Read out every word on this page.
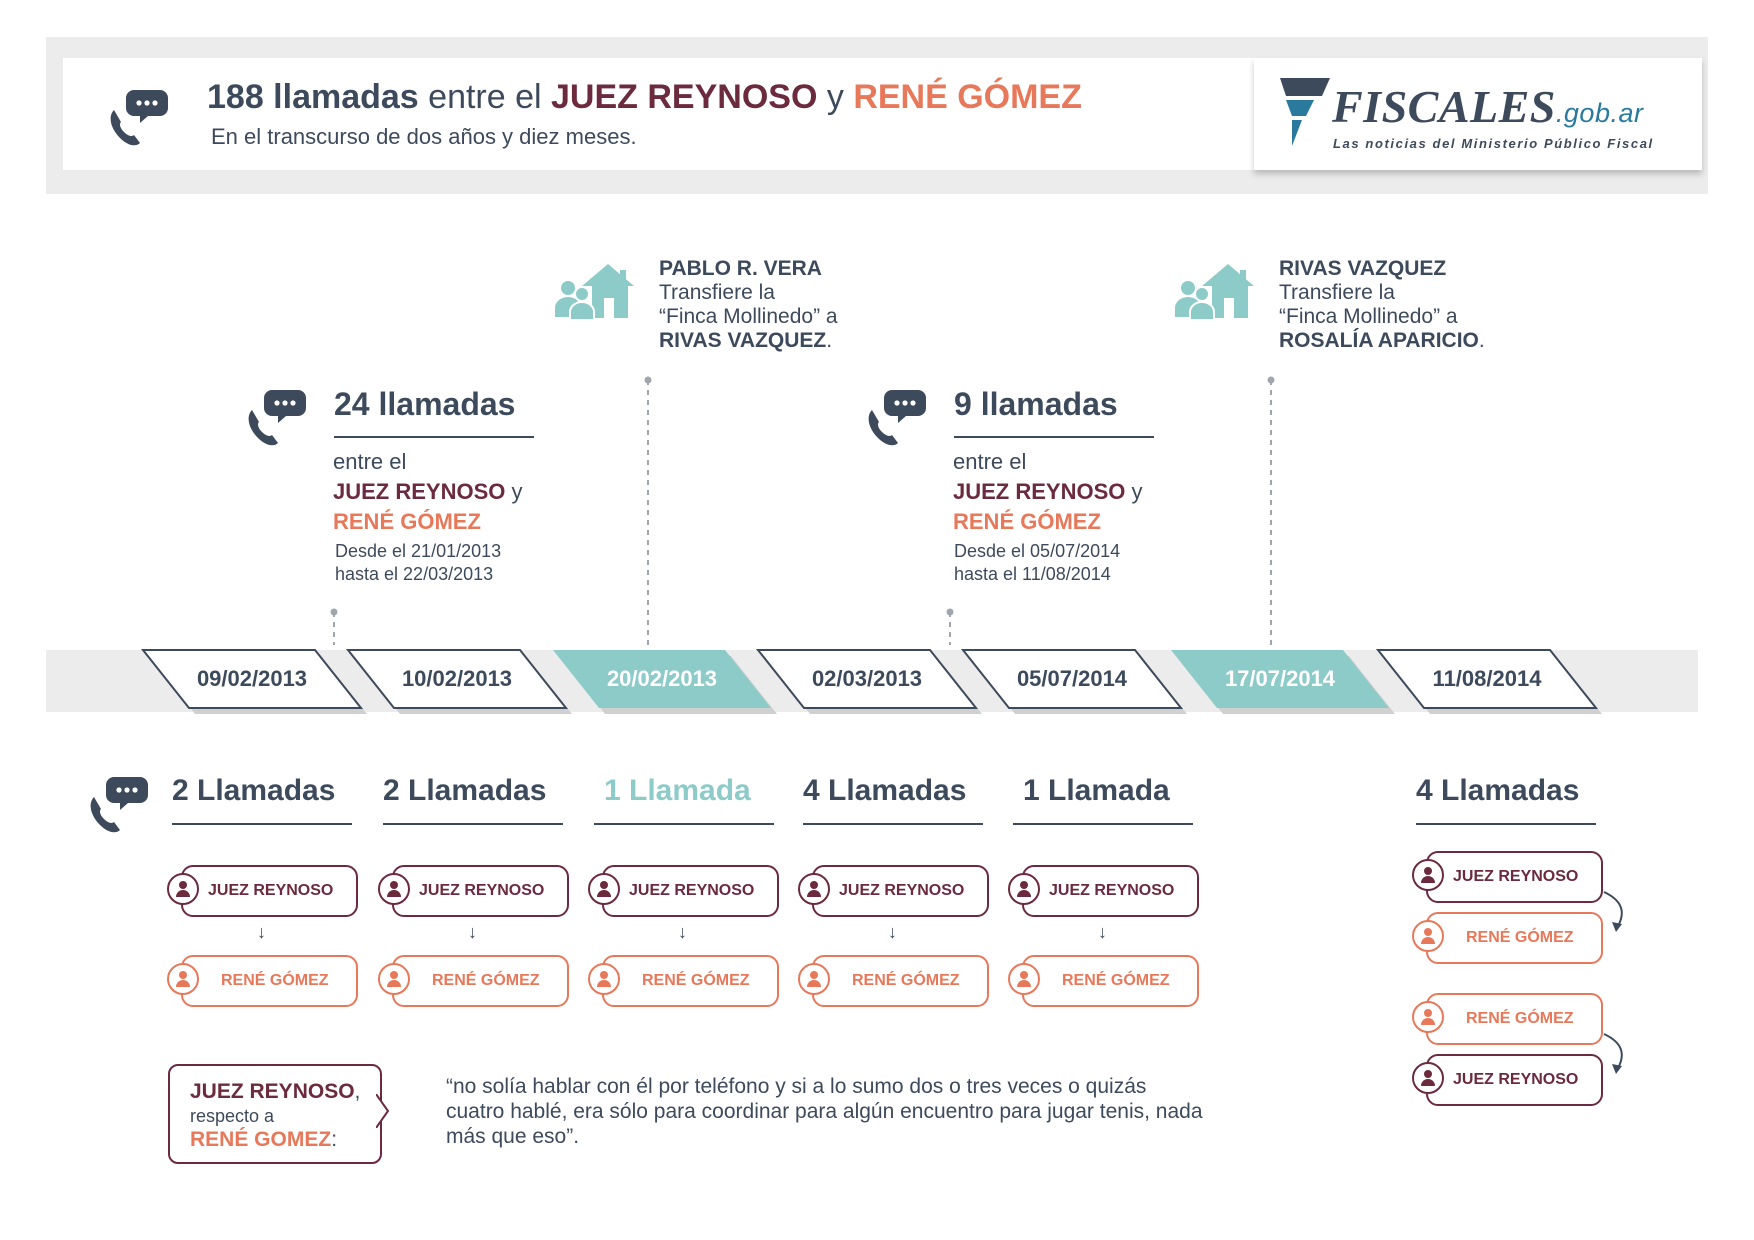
188 llamadas entre el JUEZ REYNOSO y RENÉ GÓMEZ
En el transcurso de dos años y diez meses.
FISCALES.gob.ar
Las noticias del Ministerio Público Fiscal
PABLO R. VERA
Transfiere la
“Finca Mollinedo” a
RIVAS VAZQUEZ.
RIVAS VAZQUEZ
Transfiere la
“Finca Mollinedo” a
ROSALÍA APARICIO.
24 llamadas
entre el
JUEZ REYNOSO y
RENÉ GÓMEZ
Desde el 21/01/2013
hasta el 22/03/2013
9 llamadas
entre el
JUEZ REYNOSO y
RENÉ GÓMEZ
Desde el 05/07/2014
hasta el 11/08/2014
09/02/2013	10/02/2013	20/02/2013	02/03/2013	05/07/2014	17/07/2014	11/08/2014
2 Llamadas
JUEZ REYNOSO
↓
RENÉ GÓMEZ
2 Llamadas
JUEZ REYNOSO
↓
RENÉ GÓMEZ
1 Llamada
JUEZ REYNOSO
↓
RENÉ GÓMEZ
4 Llamadas
JUEZ REYNOSO
↓
RENÉ GÓMEZ
1 Llamada
JUEZ REYNOSO
↓
RENÉ GÓMEZ
4 Llamadas
JUEZ REYNOSO
RENÉ GÓMEZ
RENÉ GÓMEZ
JUEZ REYNOSO
JUEZ REYNOSO,
respecto a
RENÉ GOMEZ:
“no solía hablar con él por teléfono y si a lo sumo dos o tres veces o quizás cuatro hablé, era sólo para coordinar para algún encuentro para jugar tenis, nada más que eso”.
